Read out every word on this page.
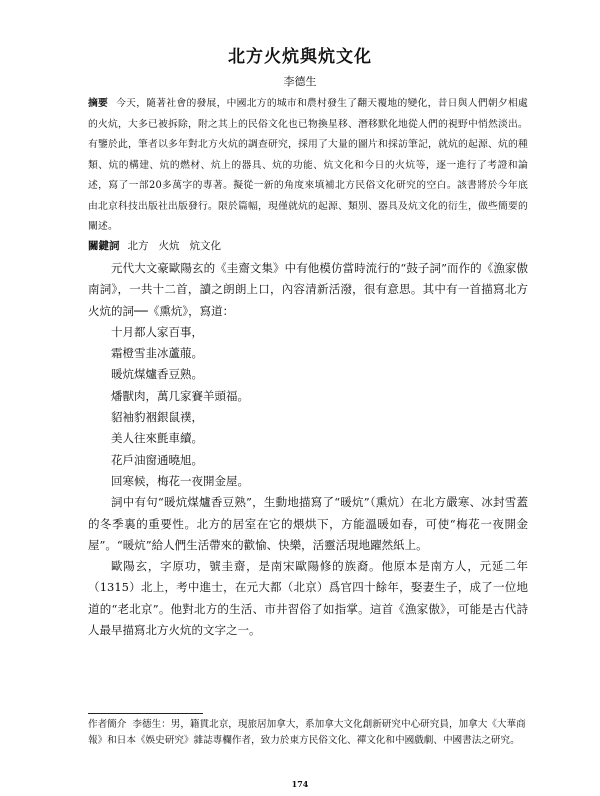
北方火炕與炕文化
李德生
摘要 今天，隨著社會的發展，中國北方的城市和農村發生了翻天覆地的變化，昔日與人們朝夕相處的火炕，大多已被拆除，附之其上的民俗文化也已物換星移、潛移默化地從人們的視野中悄然淡出。有鑒於此，筆者以多年對北方火炕的調查研究，採用了大量的圖片和採訪筆記，就炕的起源、炕的種類、炕的構建、炕的燃材、炕上的器具、炕的功能、炕文化和今日的火炕等，逐一進行了考證和論述，寫了一部20多萬字的專著。擬從一新的角度來填補北方民俗文化研究的空白。該書將於今年底由北京科技出版社出版發行。限於篇幅，現僅就炕的起源、類別、器具及炕文化的衍生，做些簡要的闡述。
關鍵詞 北方 火炕 炕文化

元代大文豪歐陽玄的《圭齋文集》中有他模仿當時流行的“鼓子詞”而作的《漁家傲南詞》，一共十二首，讀之朗朗上口，內容清新活潑，很有意思。其中有一首描寫北方火炕的詞──《熏炕》，寫道：

十月都人家百事，
霜橙雪韭冰蘆菔。
暖炕煤爐香豆熟。
燔獸肉，萬几家賽羊頭福。
貂袖豹裀銀鼠襆，
美人往來氈車續。
花戶油窗通曉旭。
回寒候，梅花一夜開金屋。

詞中有句“暖炕煤爐香豆熟”，生動地描寫了“暖炕”（熏炕）在北方嚴寒、冰封雪蓋的冬季裏的重要性。北方的居室在它的煨烘下，方能溫暖如春，可使“梅花一夜開金屋”。“暖炕”給人們生活帶來的歡愉、快樂，活靈活現地躍然紙上。

歐陽玄，字原功，號圭齋，是南宋歐陽修的族裔。他原本是南方人，元延二年（1315）北上，考中進士，在元大都（北京）爲官四十餘年，娶妻生子，成了一位地道的“老北京”。他對北方的生活、市井習俗了如指掌。這首《漁家傲》，可能是古代詩人最早描寫北方火炕的文字之一。

作者簡介 李德生：男，籍貫北京，現旅居加拿大，系加拿大文化創新研究中心研究員，加拿大《大華商報》和日本《娛史研究》雜誌專欄作者，致力於東方民俗文化、禪文化和中國戲劇、中國書法之研究。
174
